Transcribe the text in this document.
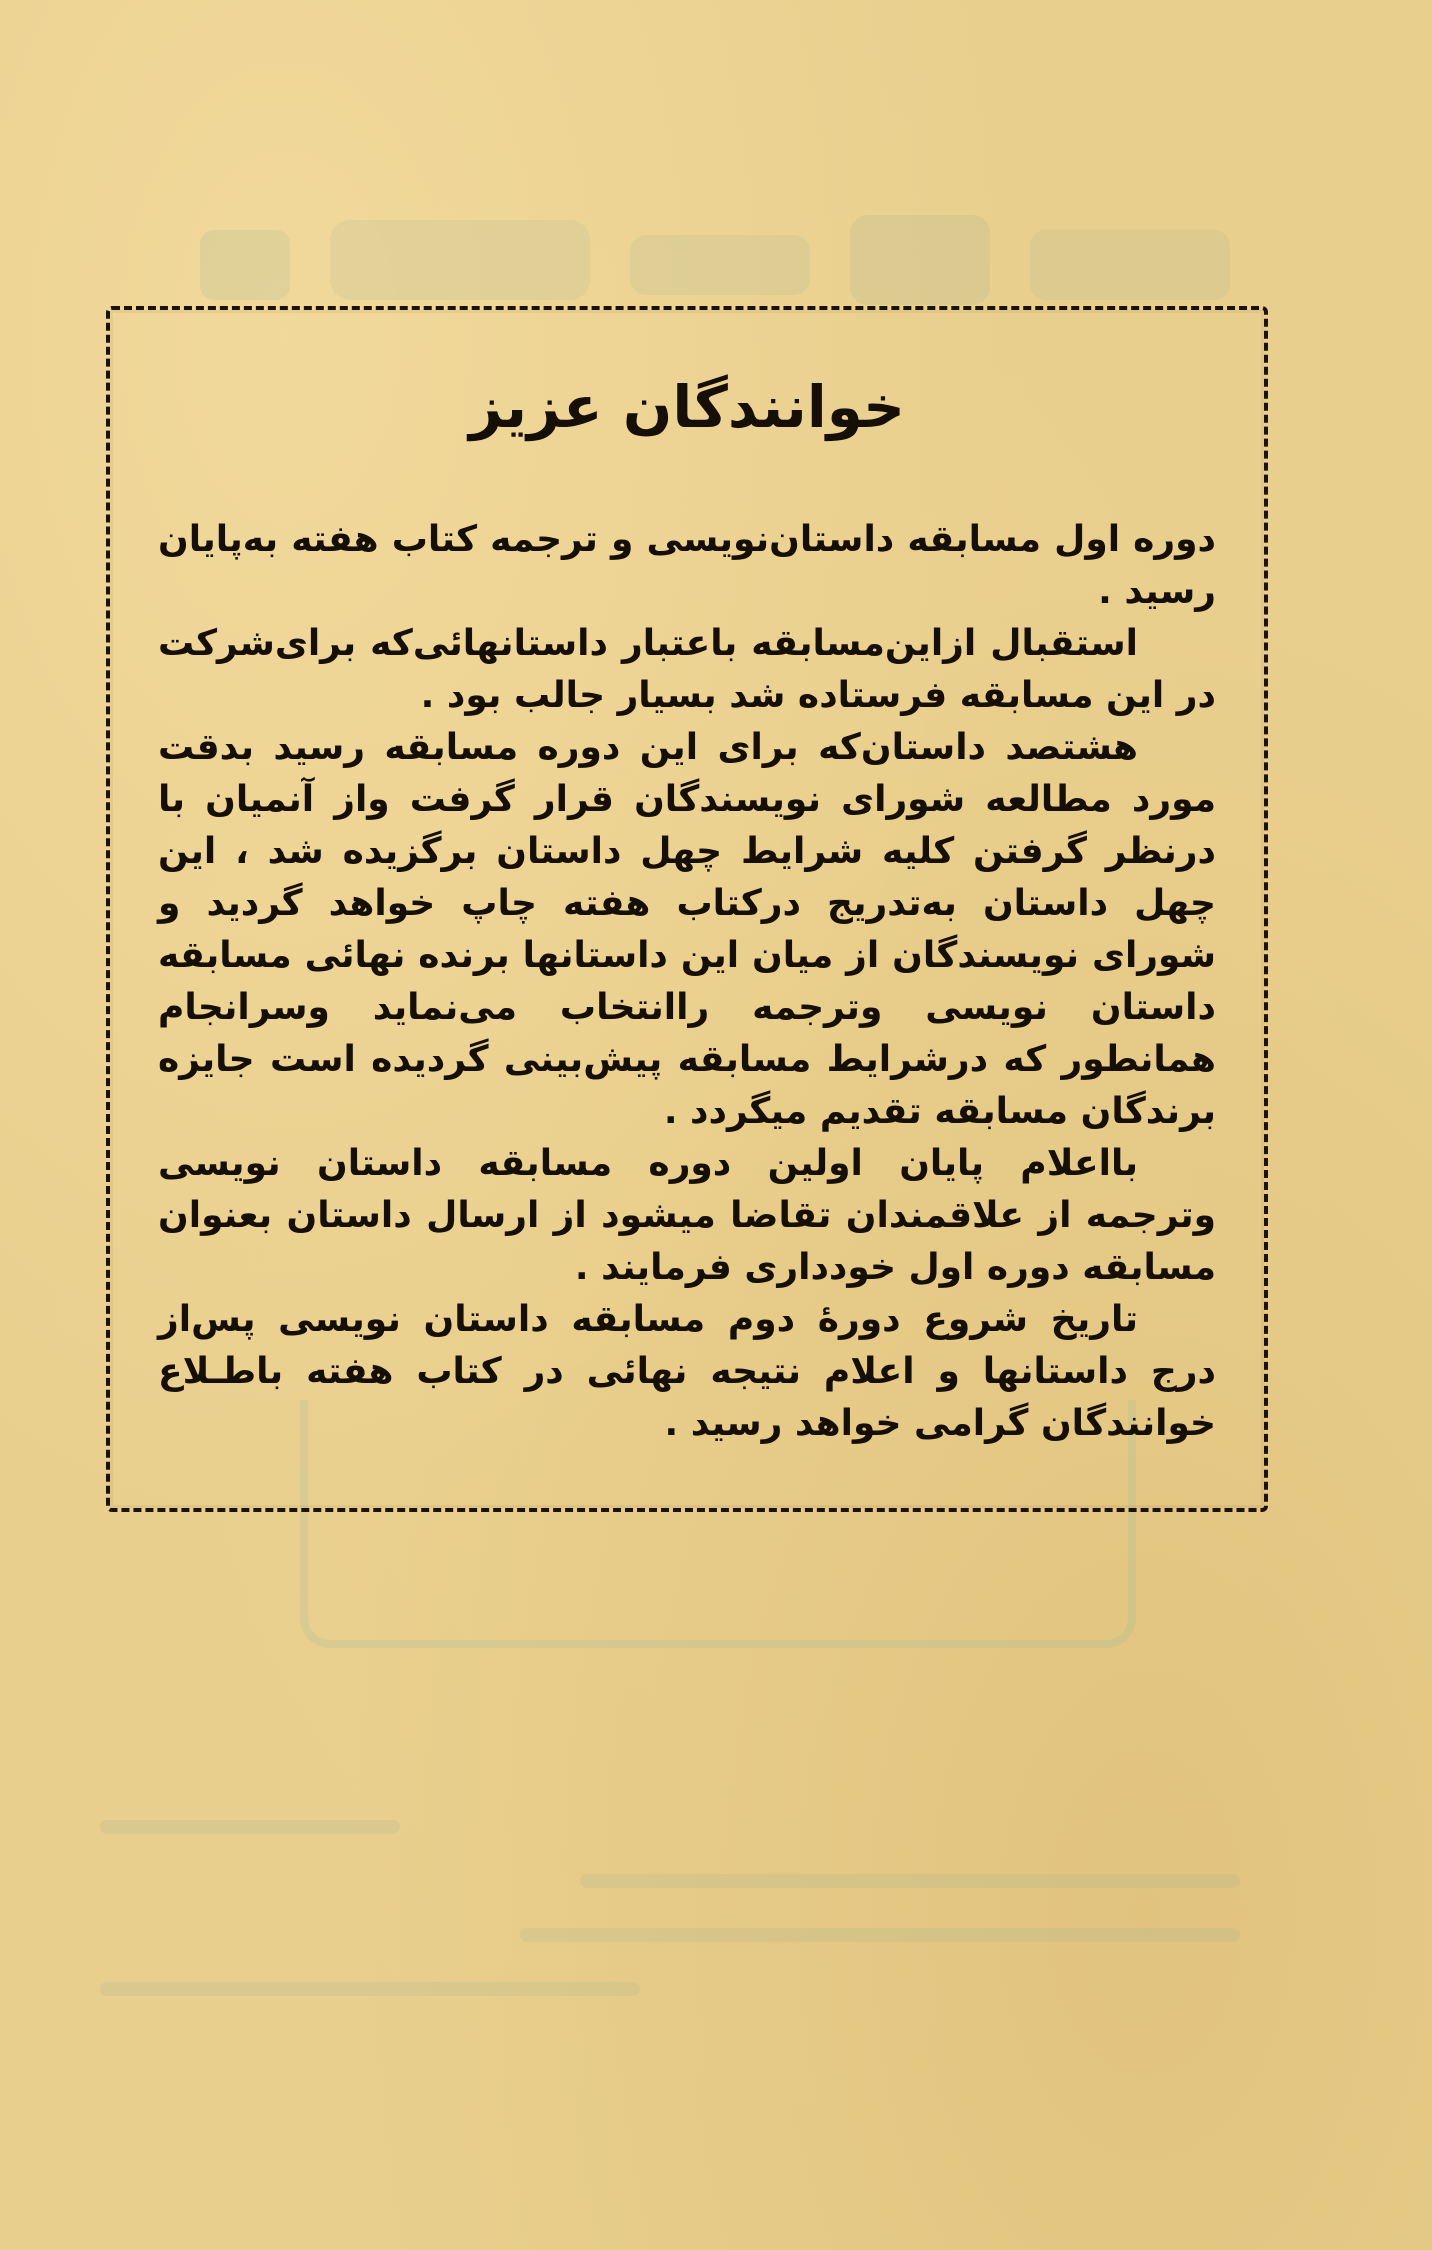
خوانندگان عزیز

دوره اول مسابقه داستان‌نویسی و ترجمه کتاب هفته به‌پایان رسید .

استقبال ازاین‌مسابقه باعتبار داستانهائی‌که برای‌شرکت در این مسابقه فرستاده شد بسیار جالب بود .

هشتصد داستان‌که برای این دوره مسابقه رسید بدقت مورد مطالعه شورای نویسندگان قرار گرفت واز آنمیان با درنظر گرفتن کلیه شرایط چهل داستان برگزیده شد ، این چهل داستان به‌تدریج درکتاب هفته چاپ خواهد گردید و شورای نویسندگان از میان این داستانها برنده نهائی مسابقه داستان نویسی وترجمه راانتخاب می‌نماید وسرانجام همانطور که درشرایط مسابقه پیش‌بینی گردیده است جایزه برندگان مسابقه تقدیم میگردد .

بااعلام پایان اولین دوره مسابقه داستان نویسی وترجمه از علاقمندان تقاضا میشود از ارسال داستان بعنوان مسابقه دوره اول خودداری فرمایند .

تاریخ شروع دورهٔ دوم مسابقه داستان نویسی پس‌از درج داستانها و اعلام نتیجه نهائی در کتاب هفته باطـلاع خوانندگان گرامی خواهد رسید .
